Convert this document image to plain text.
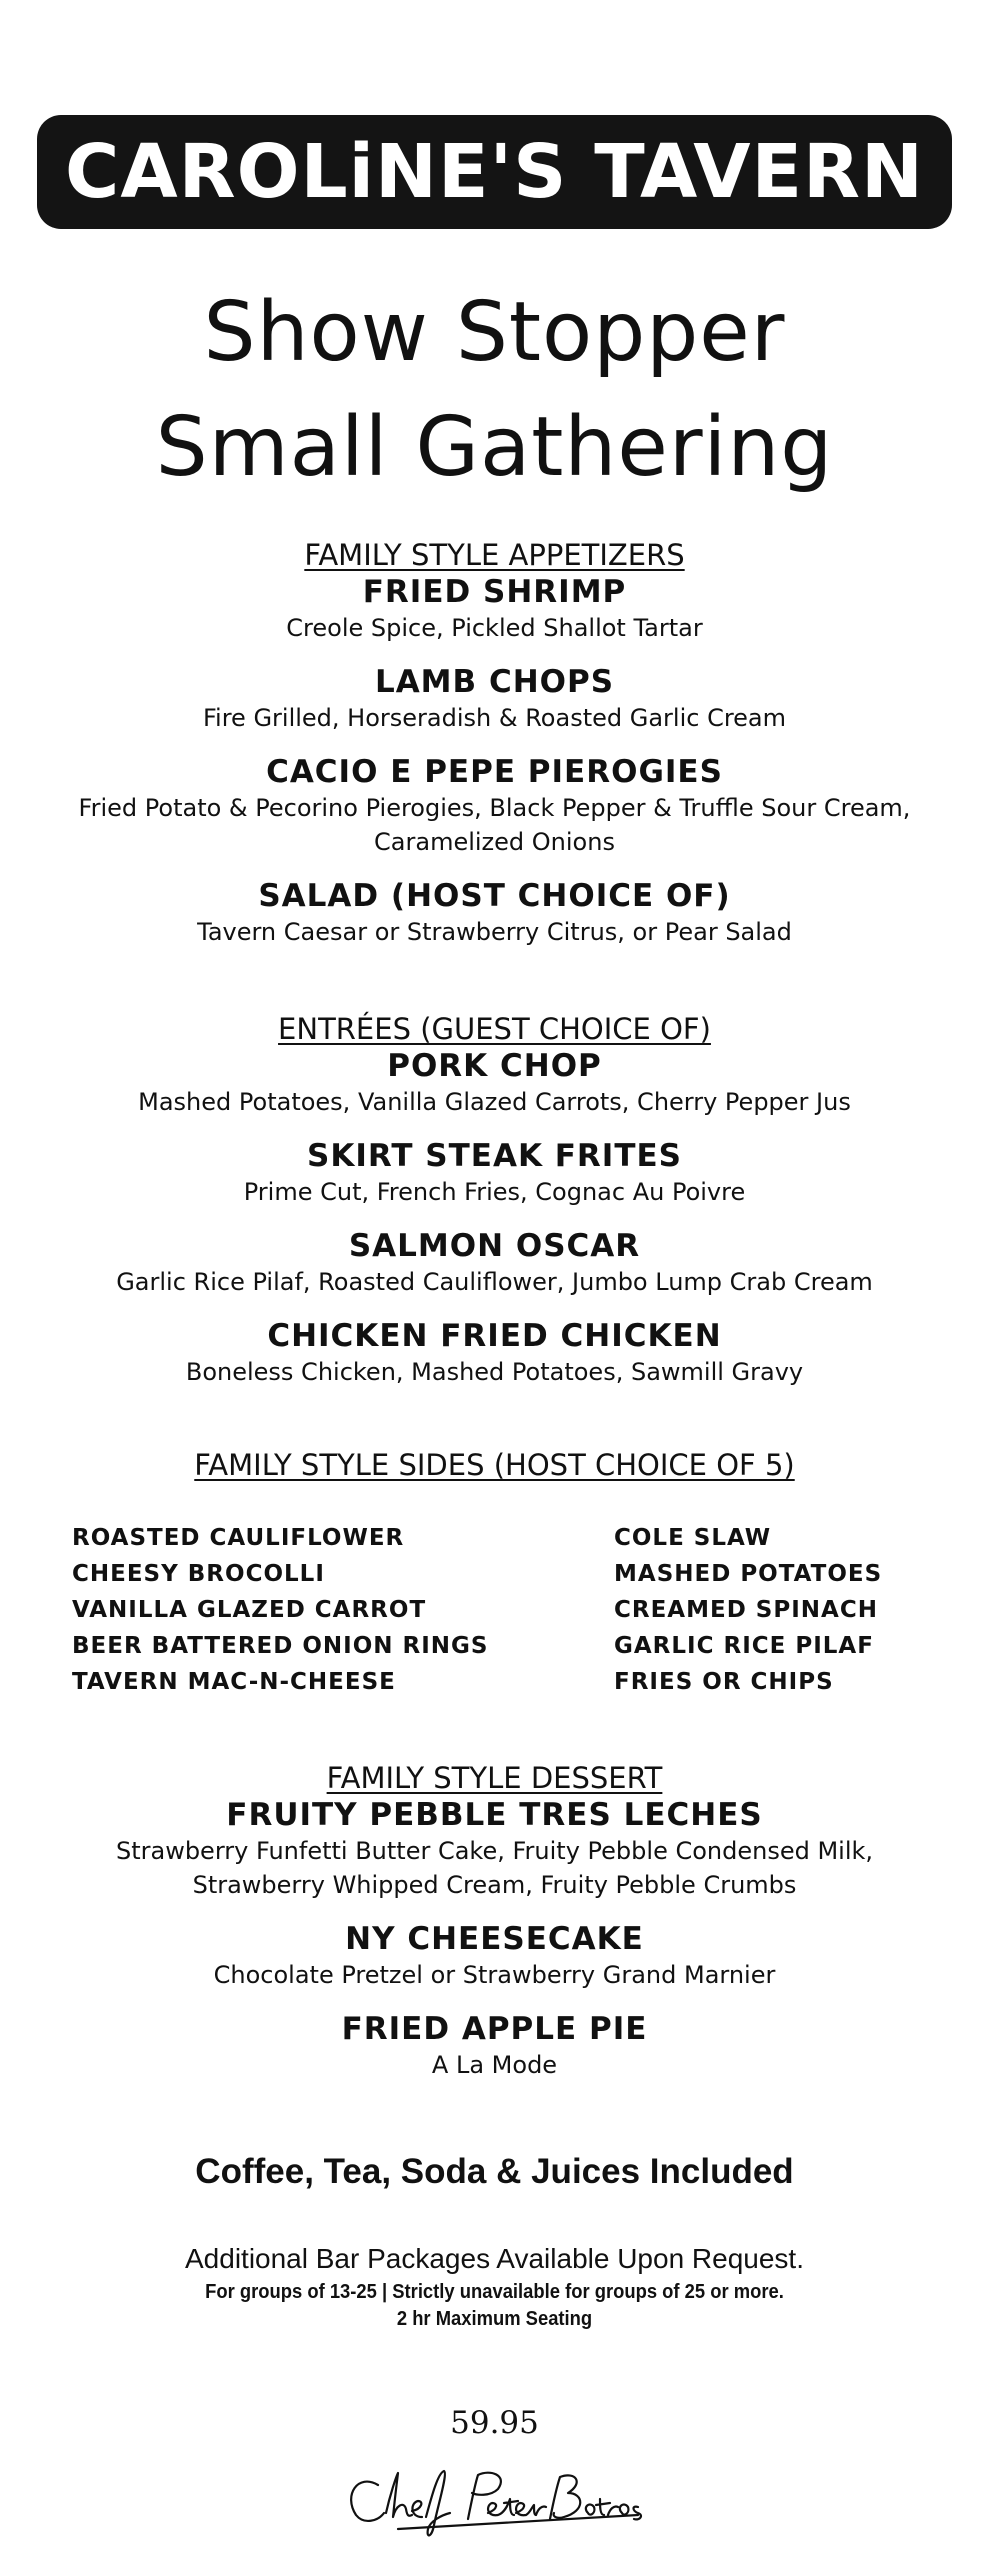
CAROLiNE'S TAVERN
Show Stopper
Small Gathering
FAMILY STYLE APPETIZERS
FRIED SHRIMP
Creole Spice, Pickled Shallot Tartar
LAMB CHOPS
Fire Grilled, Horseradish & Roasted Garlic Cream
CACIO E PEPE PIEROGIES
Fried Potato & Pecorino Pierogies, Black Pepper & Truffle Sour Cream, Caramelized Onions
SALAD (HOST CHOICE OF)
Tavern Caesar or Strawberry Citrus, or Pear Salad
ENTRÉES (GUEST CHOICE OF)
PORK CHOP
Mashed Potatoes, Vanilla Glazed Carrots, Cherry Pepper Jus
SKIRT STEAK FRITES
Prime Cut, French Fries, Cognac Au Poivre
SALMON OSCAR
Garlic Rice Pilaf, Roasted Cauliflower, Jumbo Lump Crab Cream
CHICKEN FRIED CHICKEN
Boneless Chicken, Mashed Potatoes, Sawmill Gravy
FAMILY STYLE SIDES (HOST CHOICE OF 5)
ROASTED CAULIFLOWER
CHEESY BROCOLLI
VANILLA GLAZED CARROT
BEER BATTERED ONION RINGS
TAVERN MAC-N-CHEESE
COLE SLAW
MASHED POTATOES
CREAMED SPINACH
GARLIC RICE PILAF
FRIES OR CHIPS
FAMILY STYLE DESSERT
FRUITY PEBBLE TRES LECHES
Strawberry Funfetti Butter Cake, Fruity Pebble Condensed Milk, Strawberry Whipped Cream, Fruity Pebble Crumbs
NY CHEESECAKE
Chocolate Pretzel or Strawberry Grand Marnier
FRIED APPLE PIE
A La Mode
Coffee, Tea, Soda & Juices Included
Additional Bar Packages Available Upon Request.
For groups of 13-25 | Strictly unavailable for groups of 25 or more.
2 hr Maximum Seating
59.95
